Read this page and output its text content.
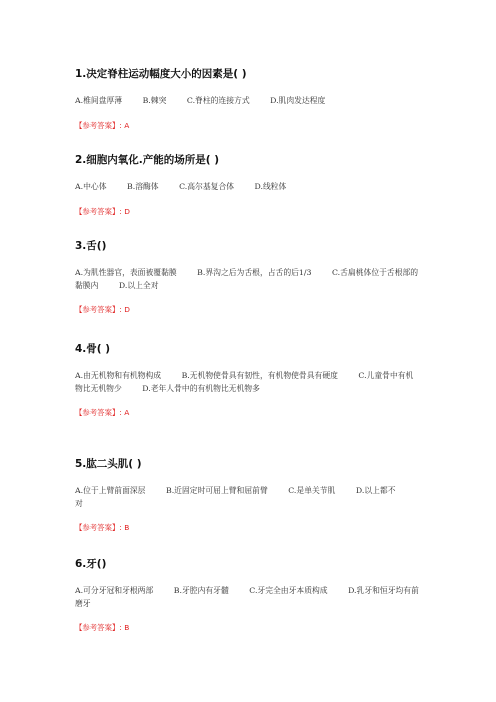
1.决定脊柱运动幅度大小的因素是( )
A.椎间盘厚薄	B.棘突	C.脊柱的连接方式	D.肌肉发达程度
【参考答案】: A
2.细胞内氧化.产能的场所是( )
A.中心体	B.溶酶体	C.高尔基复合体	D.线粒体
【参考答案】: D
3.舌()
A.为肌性器官，表面被覆黏膜	B.界沟之后为舌根，占舌的后1/3	C.舌扁桃体位于舌根部的黏膜内	D.以上全对
【参考答案】: D
4.骨( )
A.由无机物和有机物构成	B.无机物使骨具有韧性，有机物使骨具有硬度	C.儿童骨中有机物比无机物少	D.老年人骨中的有机物比无机物多
【参考答案】: A
5.肱二头肌( )
A.位于上臂前面深层	B.近固定时可屈上臂和屈前臂	C.是单关节肌	D.以上都不对
【参考答案】: B
6.牙()
A.可分牙冠和牙根两部	B.牙腔内有牙髓	C.牙完全由牙本质构成	D.乳牙和恒牙均有前磨牙
【参考答案】: B
